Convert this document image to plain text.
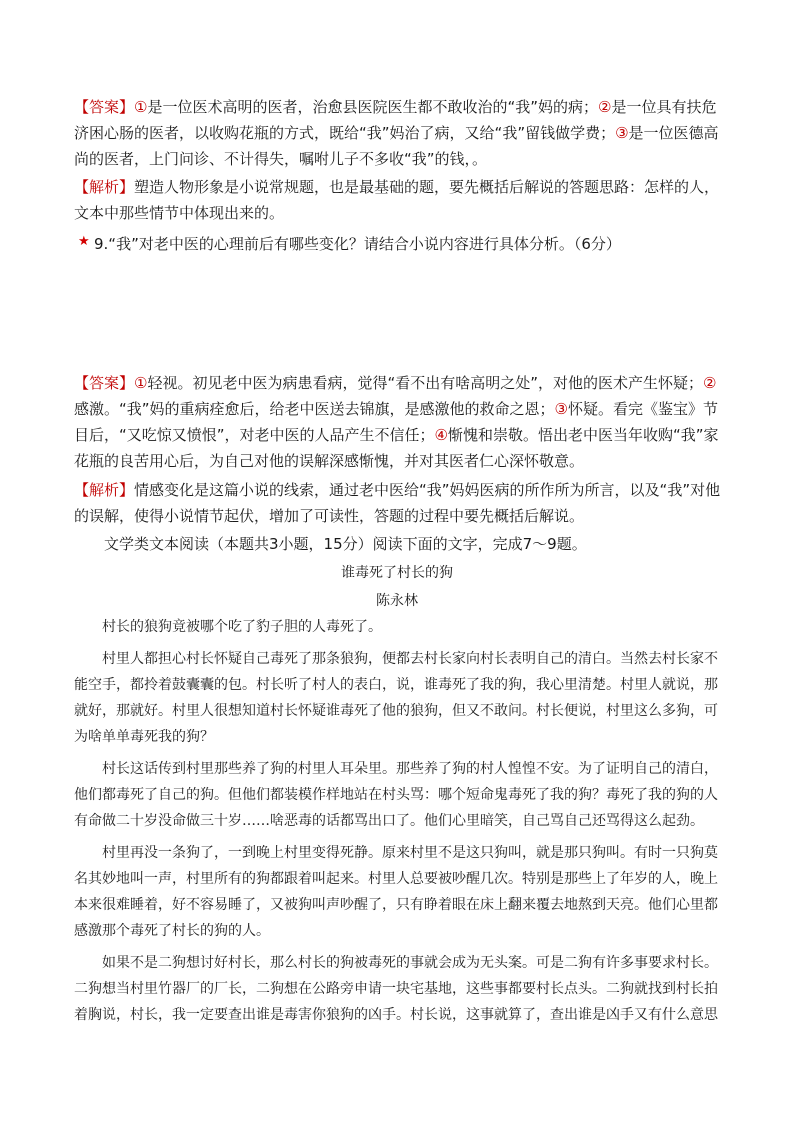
【答案】①是一位医术高明的医者，治愈县医院医生都不敢收治的“我”妈的病；②是一位具有扶危济困心肠的医者，以收购花瓶的方式，既给“我”妈治了病，又给“我”留钱做学费；③是一位医德高尚的医者，上门问诊、不计得失，嘱咐儿子不多收“我”的钱，。

【解析】塑造人物形象是小说常规题，也是最基础的题，要先概括后解说的答题思路：怎样的人，文本中那些情节中体现出来的。

★ 9.“我”对老中医的心理前后有哪些变化？请结合小说内容进行具体分析。（6分）

【答案】①轻视。初见老中医为病患看病，觉得“看不出有啥高明之处”，对他的医术产生怀疑；②感激。“我”妈的重病痊愈后，给老中医送去锦旗，是感激他的救命之恩；③怀疑。看完《鉴宝》节目后，“又吃惊又愤恨”，对老中医的人品产生不信任；④惭愧和崇敬。悟出老中医当年收购“我”家花瓶的良苦用心后，为自己对他的误解深感惭愧，并对其医者仁心深怀敬意。

【解析】情感变化是这篇小说的线索，通过老中医给“我”妈妈医病的所作所为所言，以及“我”对他的误解，使得小说情节起伏，增加了可读性，答题的过程中要先概括后解说。

文学类文本阅读（本题共3小题，15分）阅读下面的文字，完成7～9题。
谁毒死了村长的狗
陈永林

村长的狼狗竟被哪个吃了豹子胆的人毒死了。

村里人都担心村长怀疑自己毒死了那条狼狗，便都去村长家向村长表明自己的清白。当然去村长家不能空手，都拎着鼓囊囊的包。村长听了村人的表白，说，谁毒死了我的狗，我心里清楚。村里人就说，那就好，那就好。村里人很想知道村长怀疑谁毒死了他的狼狗，但又不敢问。村长便说，村里这么多狗，可为啥单单毒死我的狗？

村长这话传到村里那些养了狗的村里人耳朵里。那些养了狗的村人惶惶不安。为了证明自己的清白，他们都毒死了自己的狗。但他们都装模作样地站在村头骂：哪个短命鬼毒死了我的狗？毒死了我的狗的人有命做二十岁没命做三十岁……啥恶毒的话都骂出口了。他们心里暗笑，自己骂自己还骂得这么起劲。

村里再没一条狗了，一到晚上村里变得死静。原来村里不是这只狗叫，就是那只狗叫。有时一只狗莫名其妙地叫一声，村里所有的狗都跟着叫起来。村里人总要被吵醒几次。特别是那些上了年岁的人，晚上本来很难睡着，好不容易睡了，又被狗叫声吵醒了，只有睁着眼在床上翻来覆去地熬到天亮。他们心里都感激那个毒死了村长的狗的人。

如果不是二狗想讨好村长，那么村长的狗被毒死的事就会成为无头案。可是二狗有许多事要求村长。二狗想当村里竹器厂的厂长，二狗想在公路旁申请一块宅基地，这些事都要村长点头。二狗就找到村长拍着胸说，村长，我一定要查出谁是毒害你狼狗的凶手。村长说，这事就算了，查出谁是凶手又有什么意思
